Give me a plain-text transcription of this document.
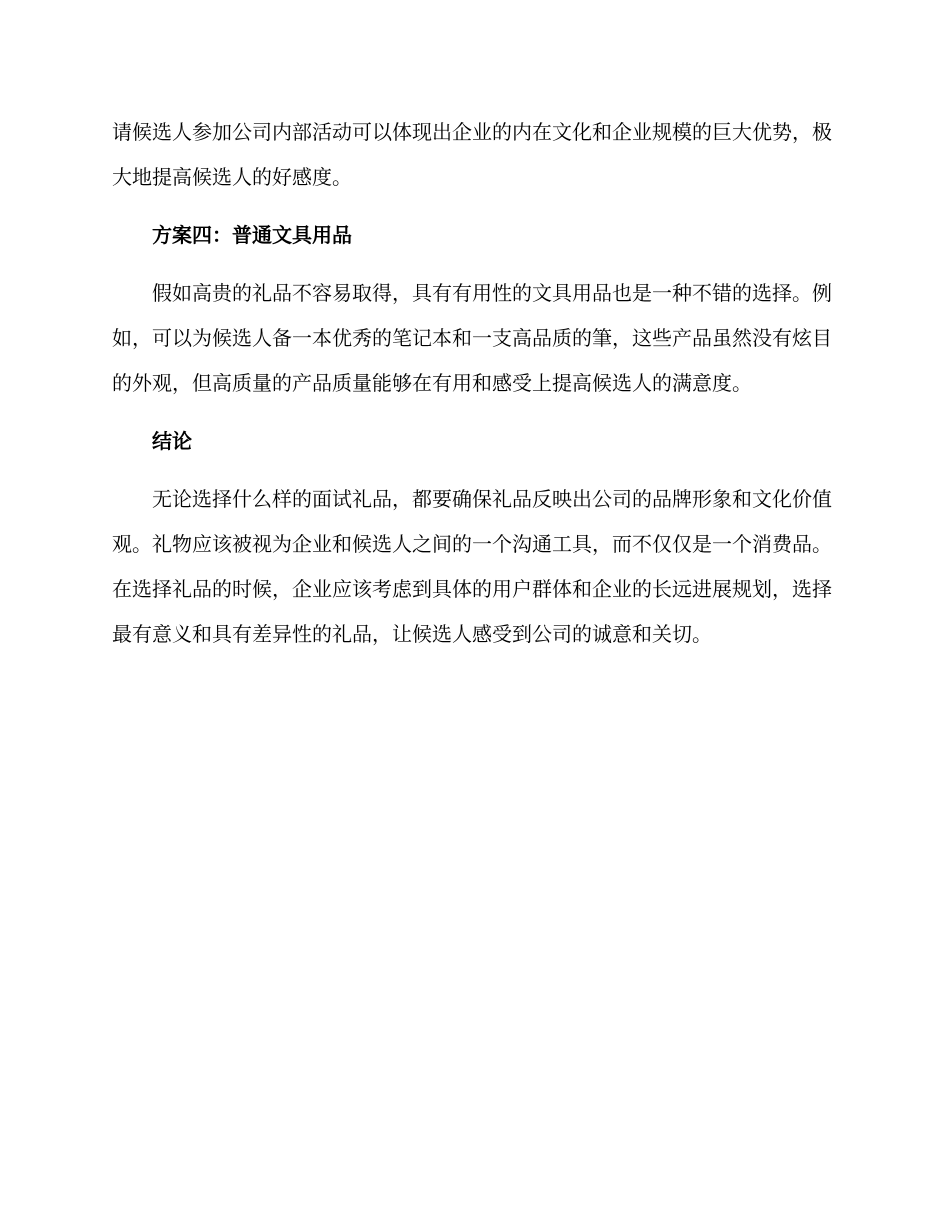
请候选人参加公司内部活动可以体现出企业的内在文化和企业规模的巨大优势，极大地提高候选人的好感度。

方案四：普通文具用品

假如高贵的礼品不容易取得，具有有用性的文具用品也是一种不错的选择。例如，可以为候选人备一本优秀的笔记本和一支高品质的筆，这些产品虽然没有炫目的外观，但高质量的产品质量能够在有用和感受上提高候选人的满意度。

结论

无论选择什么样的面试礼品，都要确保礼品反映出公司的品牌形象和文化价值观。礼物应该被视为企业和候选人之间的一个沟通工具，而不仅仅是一个消费品。在选择礼品的时候，企业应该考虑到具体的用户群体和企业的长远进展规划，选择最有意义和具有差异性的礼品，让候选人感受到公司的诚意和关切。
